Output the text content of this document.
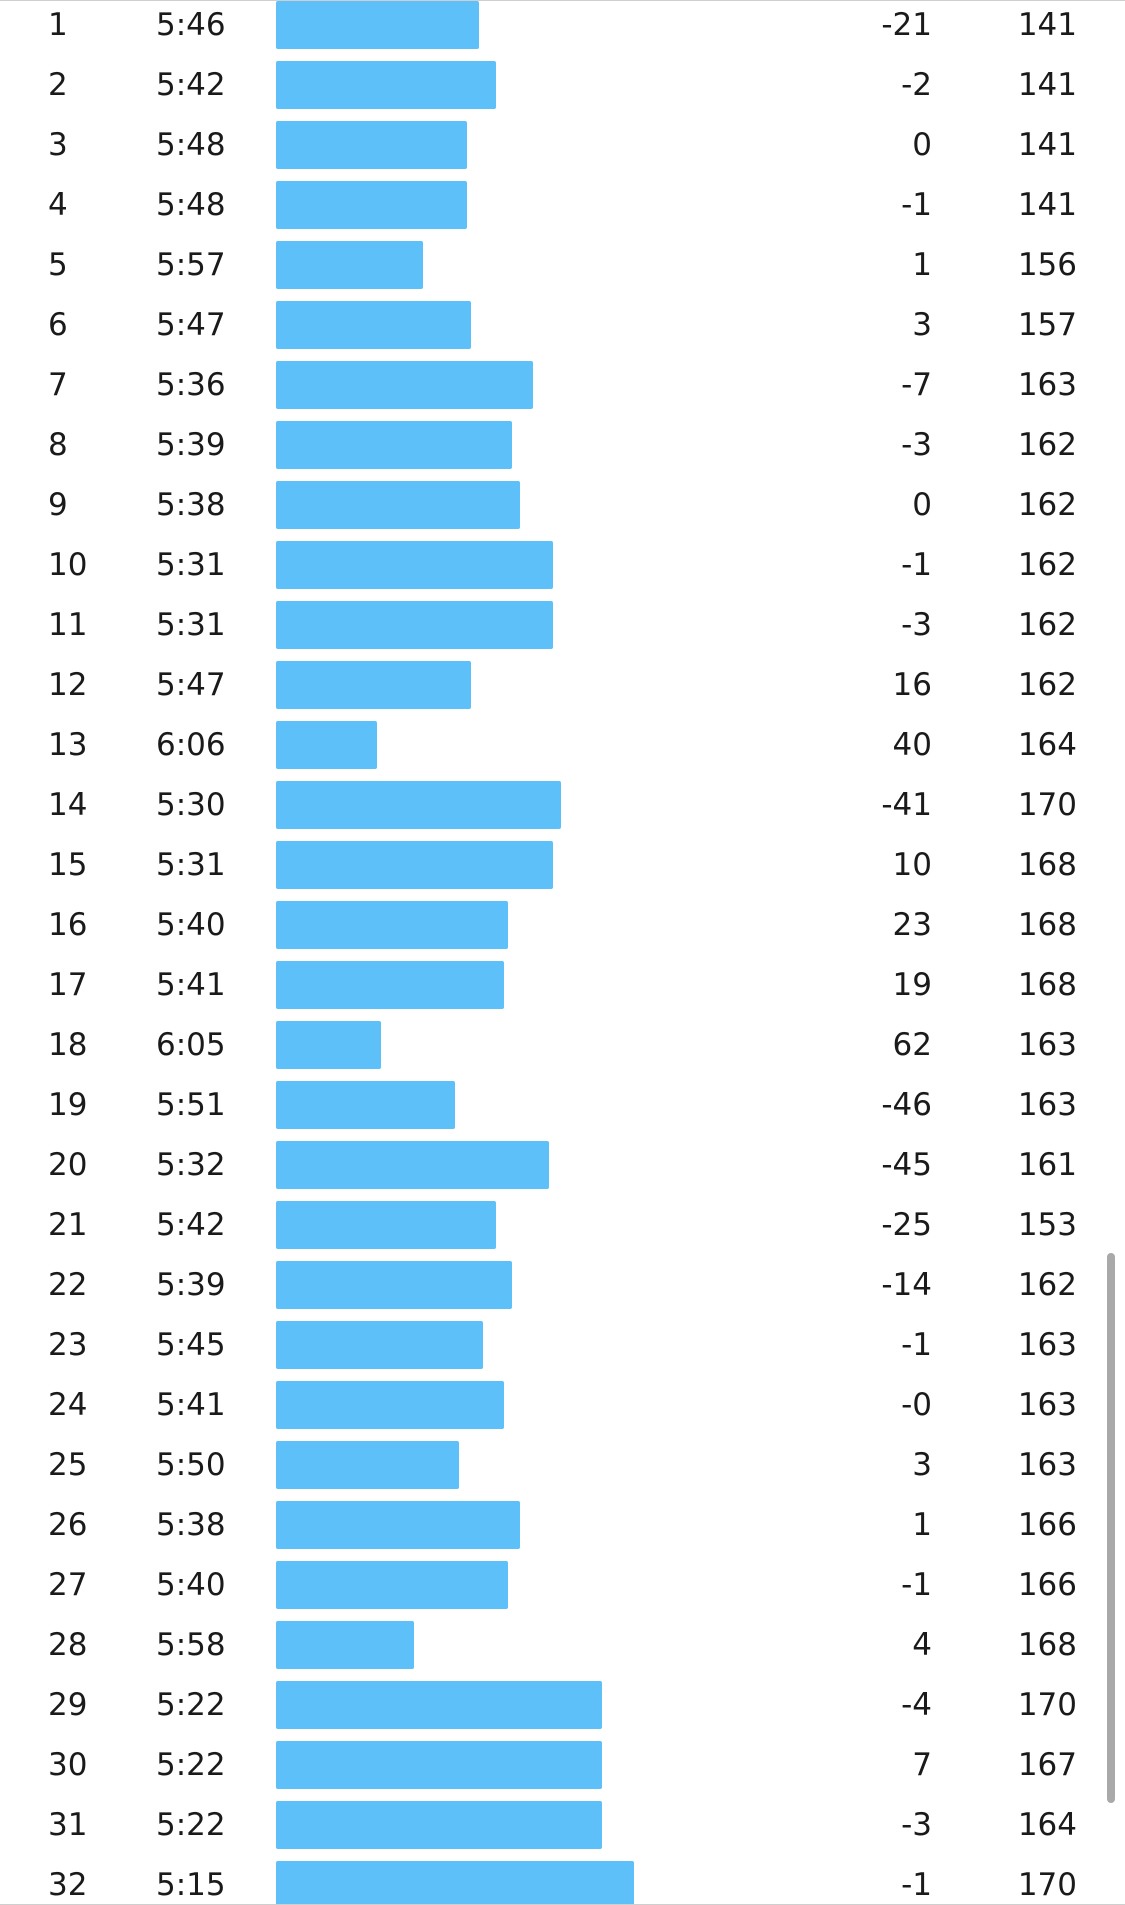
1	5:46	-21	141
2	5:42	-2	141
3	5:48	0	141
4	5:48	-1	141
5	5:57	1	156
6	5:47	3	157
7	5:36	-7	163
8	5:39	-3	162
9	5:38	0	162
10 5:31	-1	162
11 5:31	-3	162
12 5:47	16	162
13 6:06	40	164
14 5:30	-41	170
15 5:31	10	168
16 5:40	23	168
17 5:41	19	168
18 6:05	62	163
19 5:51	-46	163
20 5:32	-45	161
21 5:42	-25	153
22 5:39	-14	162
23 5:45	-1	163
24 5:41	-0	163
25 5:50	3	163
26 5:38	1	166
27 5:40	-1	166
28 5:58	4	168
29 5:22	-4	170
30 5:22	7	167
31 5:22	-3	164
32 5:15	-1	170
